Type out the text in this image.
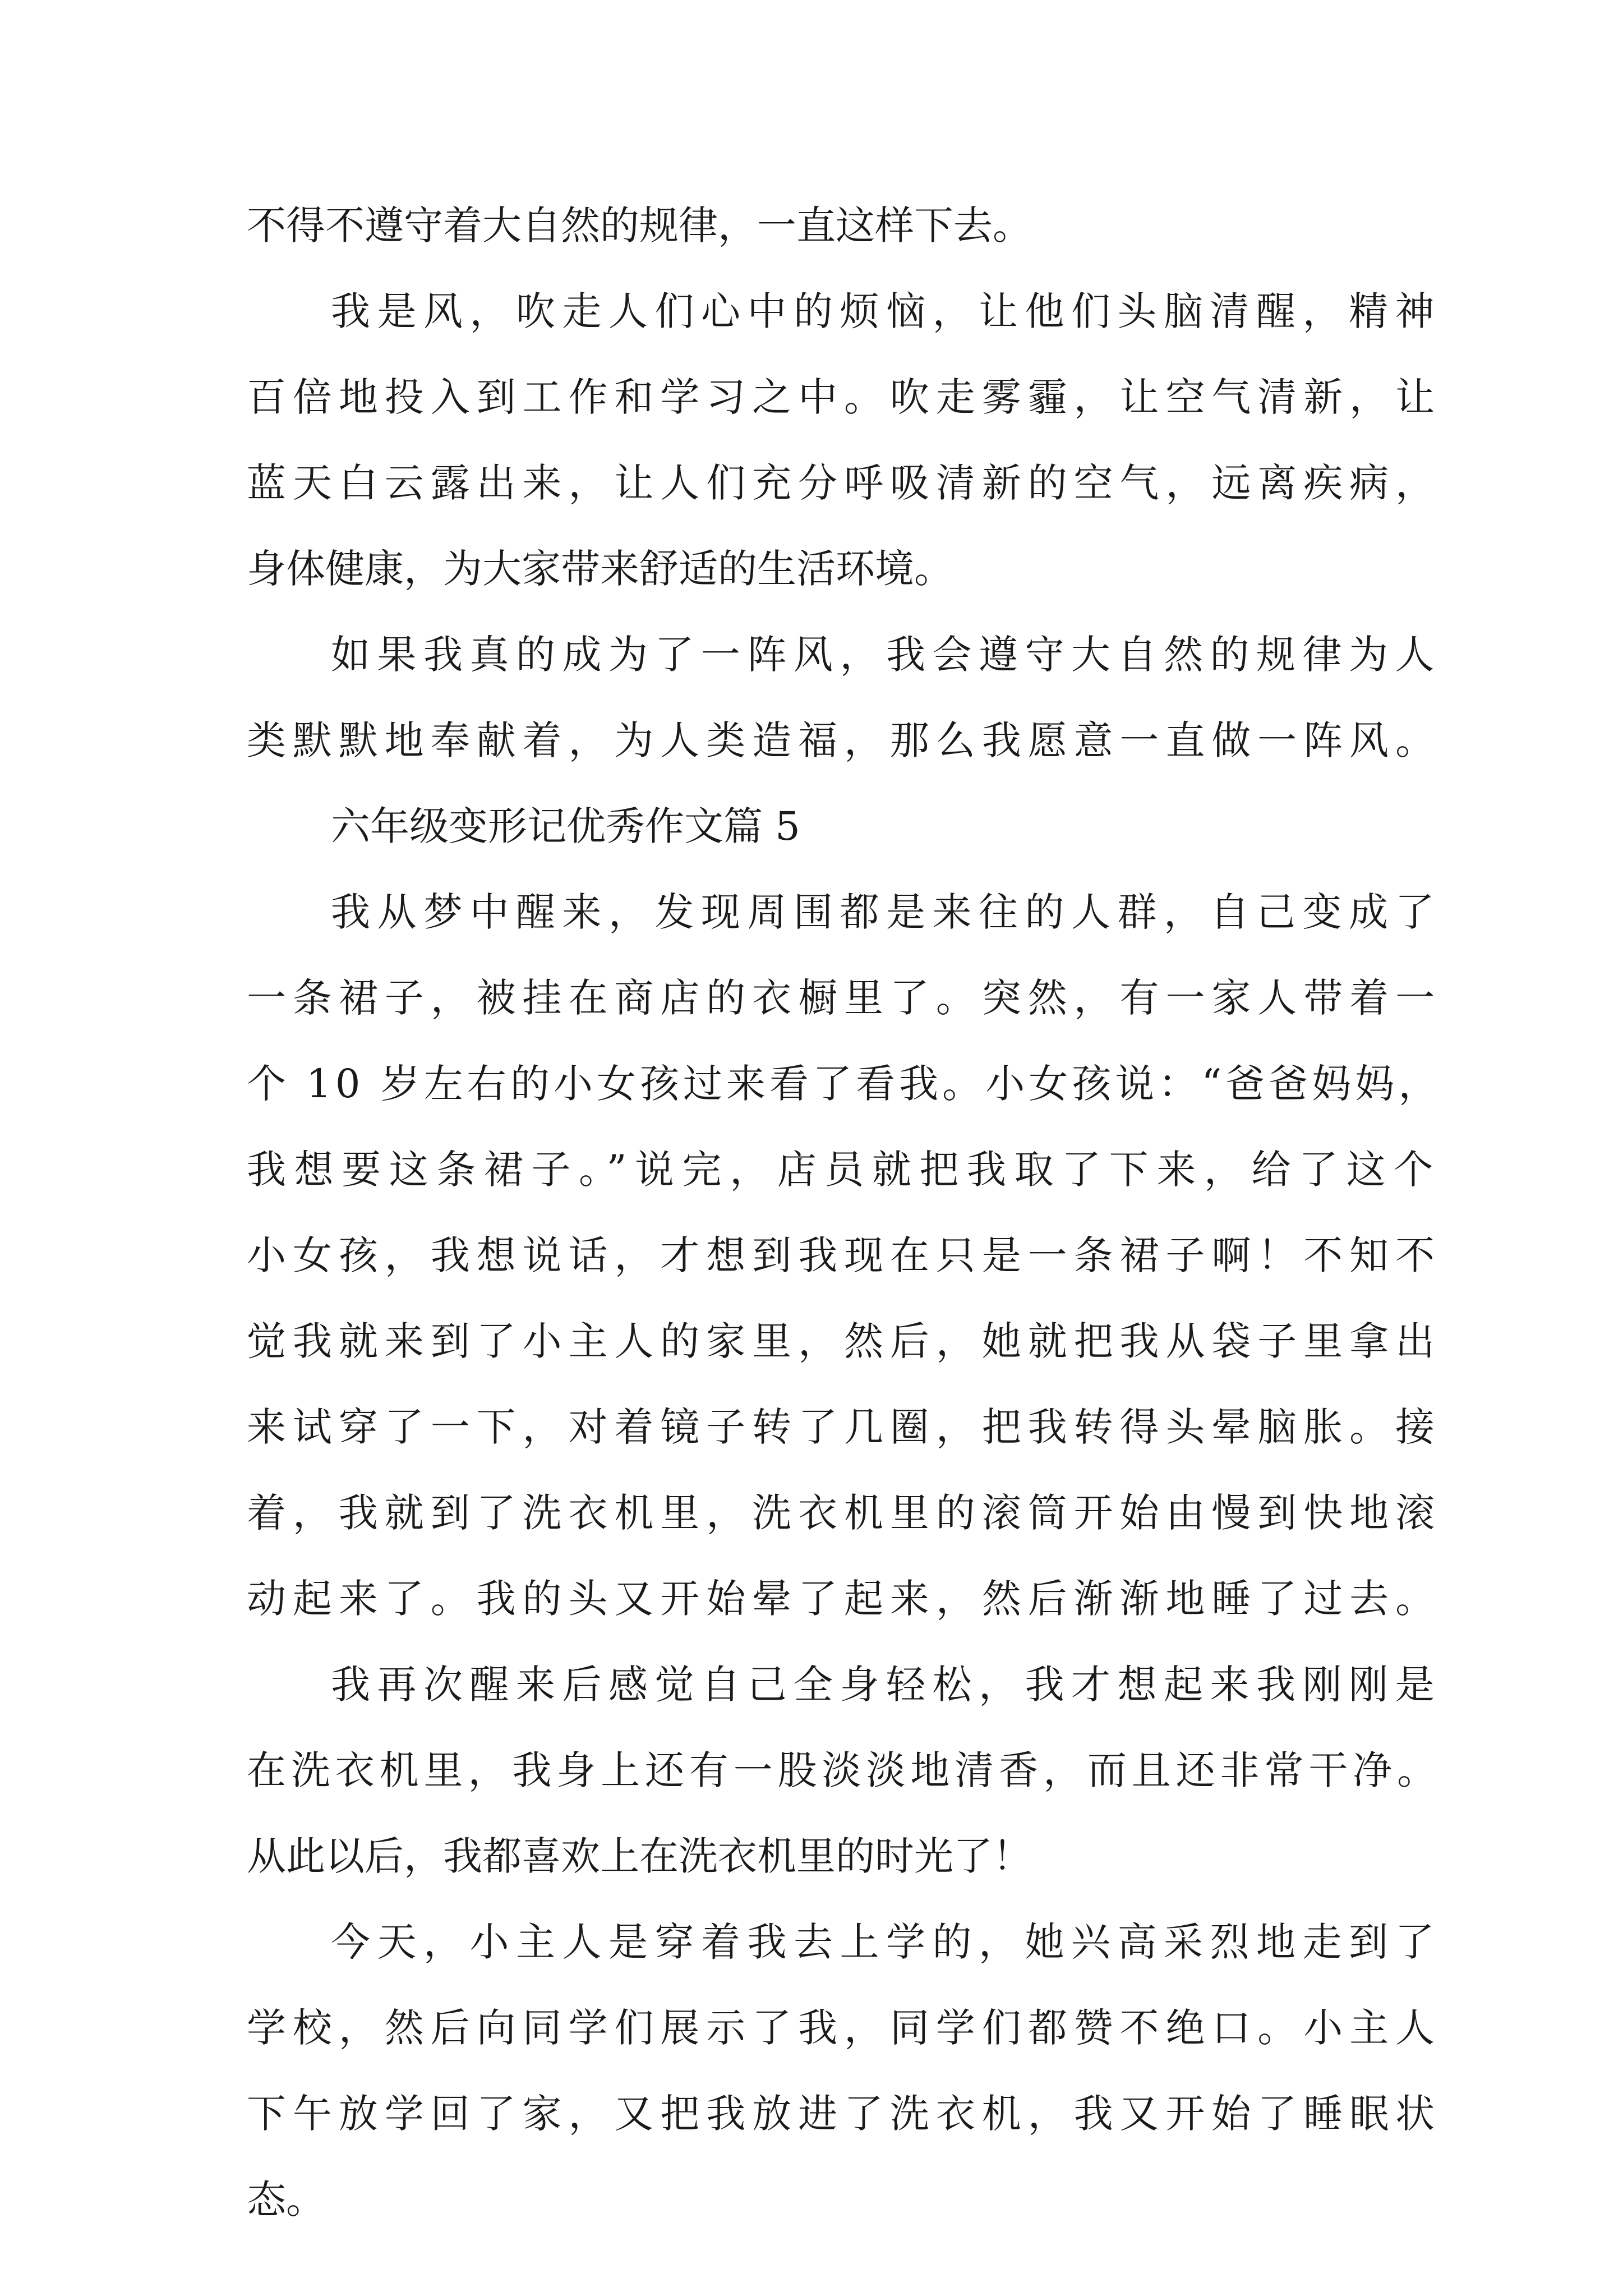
不得不遵守着大自然的规律，一直这样下去。
我是风，吹走人们心中的烦恼，让他们头脑清醒，精神
百倍地投入到工作和学习之中。吹走雾霾，让空气清新，让
蓝天白云露出来，让人们充分呼吸清新的空气，远离疾病，
身体健康，为大家带来舒适的生活环境。
如果我真的成为了一阵风，我会遵守大自然的规律为人
类默默地奉献着，为人类造福，那么我愿意一直做一阵风。
六年级变形记优秀作文篇 5
我从梦中醒来，发现周围都是来往的人群，自己变成了
一条裙子，被挂在商店的衣橱里了。突然，有一家人带着一
个 10 岁左右的小女孩过来看了看我。小女孩说：“爸爸妈妈，
我想要这条裙子。”说完，店员就把我取了下来，给了这个
小女孩，我想说话，才想到我现在只是一条裙子啊！不知不
觉我就来到了小主人的家里，然后，她就把我从袋子里拿出
来试穿了一下，对着镜子转了几圈，把我转得头晕脑胀。接
着，我就到了洗衣机里，洗衣机里的滚筒开始由慢到快地滚
动起来了。我的头又开始晕了起来，然后渐渐地睡了过去。
我再次醒来后感觉自己全身轻松，我才想起来我刚刚是
在洗衣机里，我身上还有一股淡淡地清香，而且还非常干净。
从此以后，我都喜欢上在洗衣机里的时光了！
今天，小主人是穿着我去上学的，她兴高采烈地走到了
学校，然后向同学们展示了我，同学们都赞不绝口。小主人
下午放学回了家，又把我放进了洗衣机，我又开始了睡眠状
态。
